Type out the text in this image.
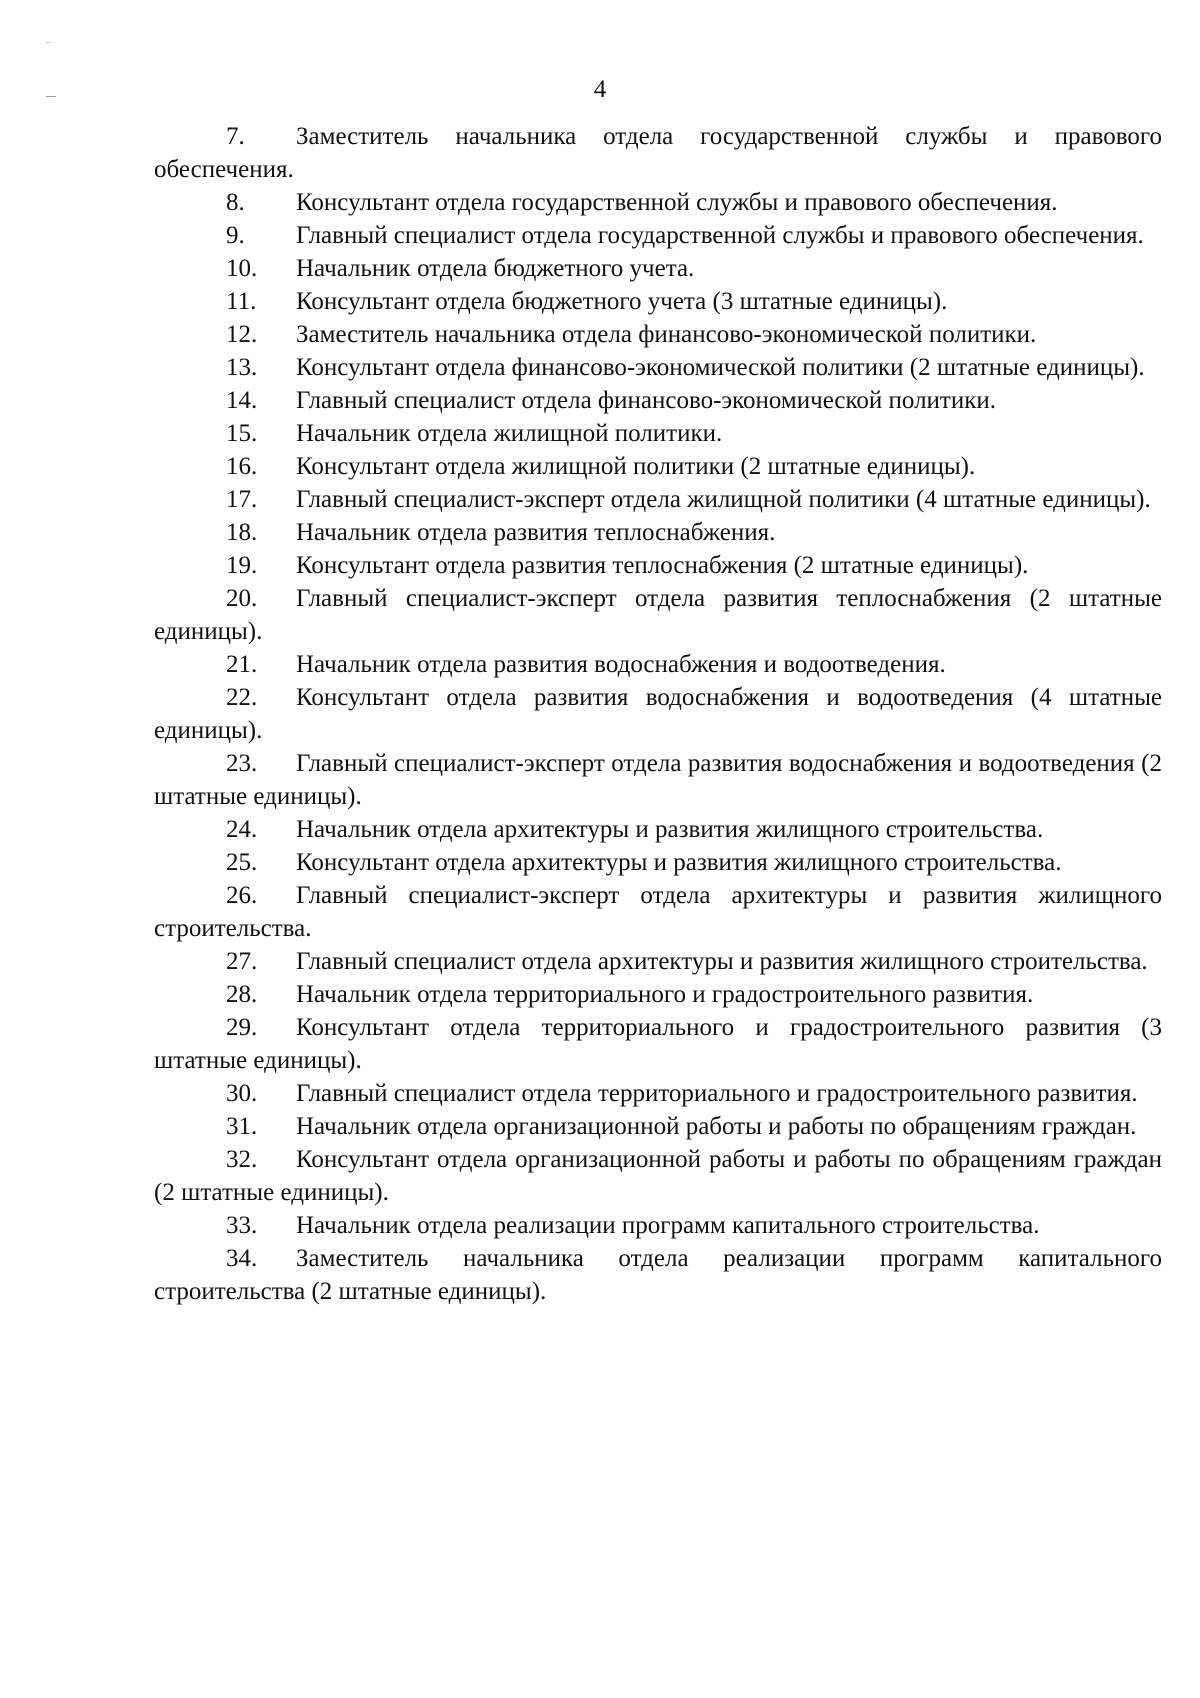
4

7. Заместитель начальника отдела государственной службы и правового обеспечения.

8. Консультант отдела государственной службы и правового обеспечения.

9. Главный специалист отдела государственной службы и правового обеспечения.

10. Начальник отдела бюджетного учета.

11. Консультант отдела бюджетного учета (3 штатные единицы).

12. Заместитель начальника отдела финансово-экономической политики.

13. Консультант отдела финансово-экономической политики (2 штатные единицы).

14. Главный специалист отдела финансово-экономической политики.

15. Начальник отдела жилищной политики.

16. Консультант отдела жилищной политики (2 штатные единицы).

17. Главный специалист-эксперт отдела жилищной политики (4 штатные единицы).

18. Начальник отдела развития теплоснабжения.

19. Консультант отдела развития теплоснабжения (2 штатные единицы).

20. Главный специалист-эксперт отдела развития теплоснабжения (2 штатные единицы).

21. Начальник отдела развития водоснабжения и водоотведения.

22. Консультант отдела развития водоснабжения и водоотведения (4 штатные единицы).

23. Главный специалист-эксперт отдела развития водоснабжения и водоотведения (2 штатные единицы).

24. Начальник отдела архитектуры и развития жилищного строительства.

25. Консультант отдела архитектуры и развития жилищного строительства.

26. Главный специалист-эксперт отдела архитектуры и развития жилищного строительства.

27. Главный специалист отдела архитектуры и развития жилищного строительства.

28. Начальник отдела территориального и градостроительного развития.

29. Консультант отдела территориального и градостроительного развития (3 штатные единицы).

30. Главный специалист отдела территориального и градостроительного развития.

31. Начальник отдела организационной работы и работы по обращениям граждан.

32. Консультант отдела организационной работы и работы по обращениям граждан (2 штатные единицы).

33. Начальник отдела реализации программ капитального строительства.

34. Заместитель начальника отдела реализации программ капитального строительства (2 штатные единицы).
